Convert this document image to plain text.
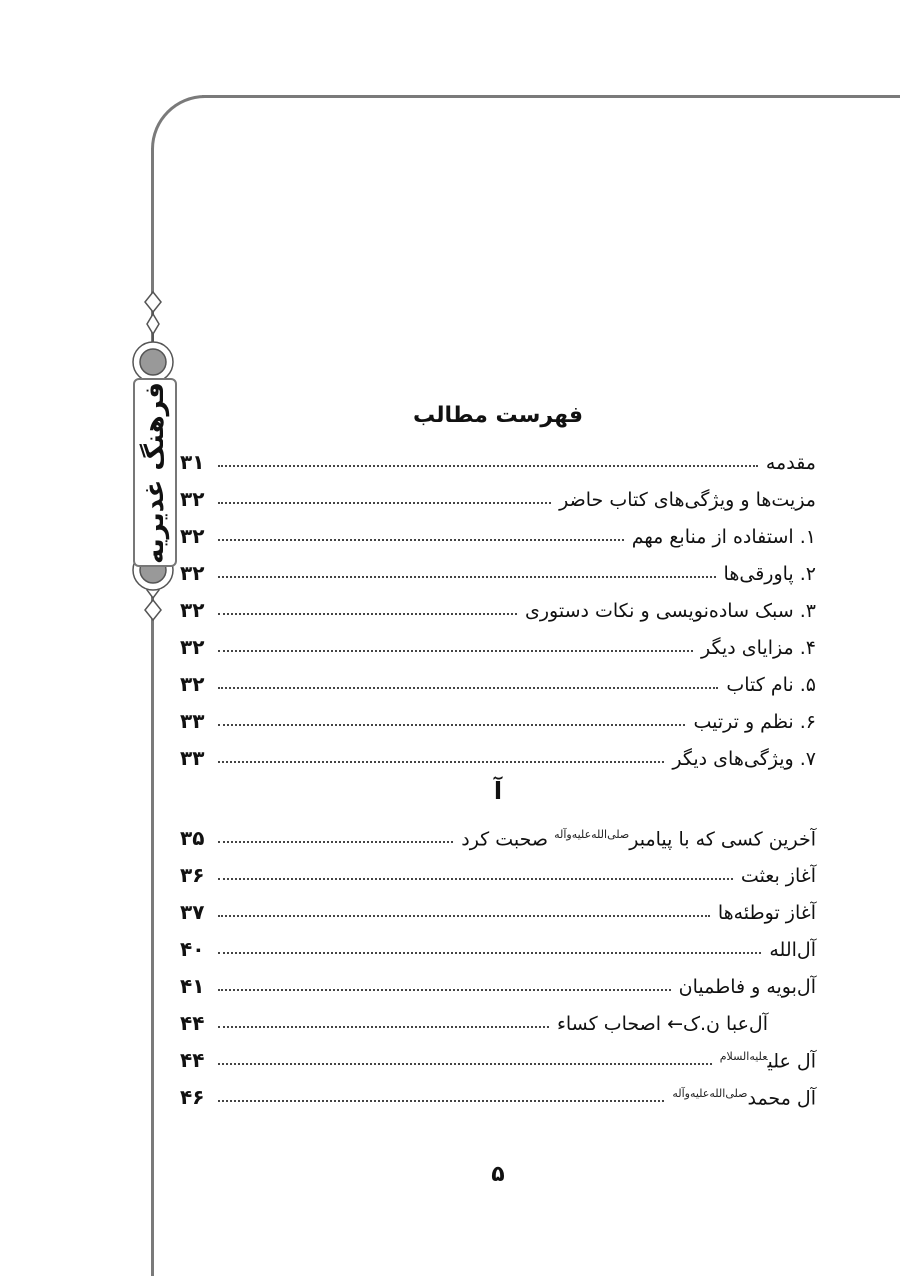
فرهنگ غدیریه	فهرست مطالب
مقدمه
۳۱
مزیت‌ها و ویژگی‌های کتاب حاضر
۳۲
۱. استفاده از منابع مهم
۳۲
۲. پاورقی‌ها
۳۲
۳. سبک ساده‌نویسی و نکات دستوری
۳۲
۴. مزایای دیگر
۳۲
۵. نام کتاب
۳۲
۶. نظم و ترتیب
۳۳
۷. ویژگی‌های دیگر
۳۳
آ
آخرین کسی که با پیامبر$^{صلی‌الله‌علیه‌وآله}$ صحبت کرد
۳۵
آغاز بعثت
۳۶
آغاز توطئه‌ها
۳۷
آل‌الله
۴۰
آل‌بویه و فاطمیان
۴۱
آل‌عبا ن.ک← اصحاب کساء
۴۴
آل علی$^{علیه‌السلام}$
۴۴
آل محمد$^{صلی‌الله‌علیه‌وآله}$
۴۶
۵
